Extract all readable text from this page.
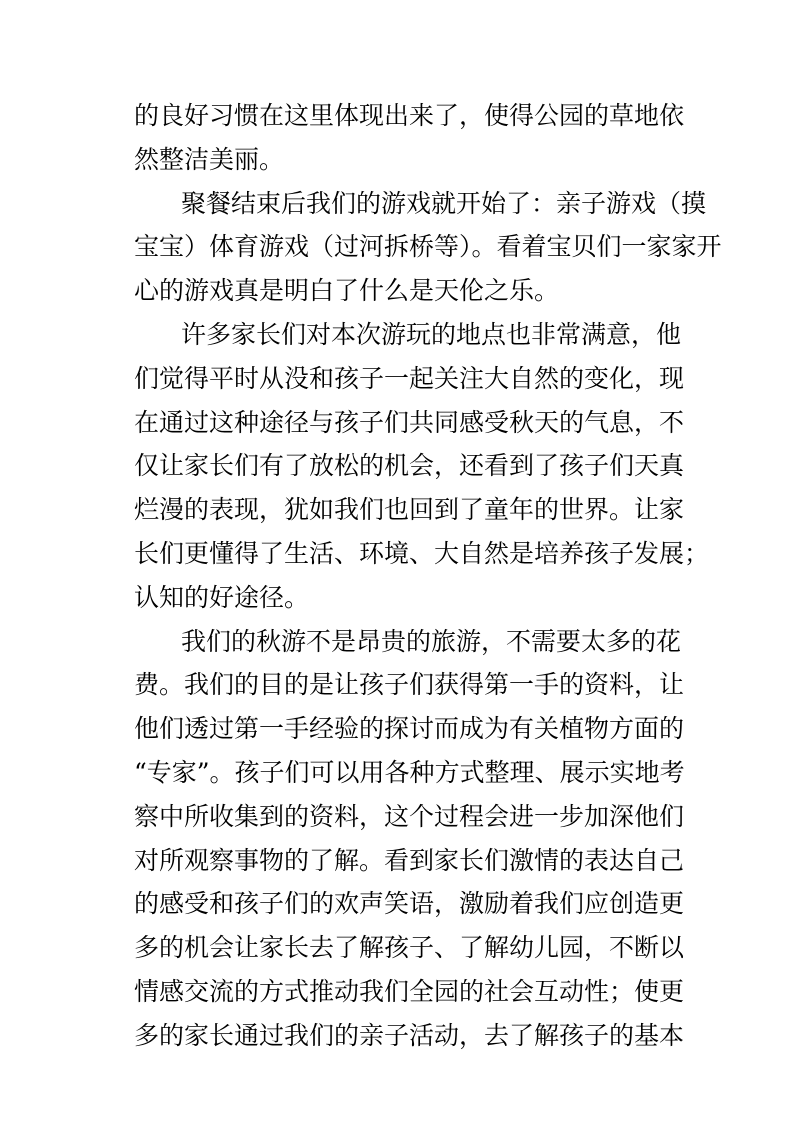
的良好习惯在这里体现出来了，使得公园的草地依
然整洁美丽。
聚餐结束后我们的游戏就开始了：亲子游戏（摸
宝宝）体育游戏（过河拆桥等）。看着宝贝们一家家开
心的游戏真是明白了什么是天伦之乐。
许多家长们对本次游玩的地点也非常满意，他
们觉得平时从没和孩子一起关注大自然的变化，现
在通过这种途径与孩子们共同感受秋天的气息，不
仅让家长们有了放松的机会，还看到了孩子们天真
烂漫的表现，犹如我们也回到了童年的世界。让家
长们更懂得了生活、环境、大自然是培养孩子发展；
认知的好途径。
我们的秋游不是昂贵的旅游，不需要太多的花
费。我们的目的是让孩子们获得第一手的资料，让
他们透过第一手经验的探讨而成为有关植物方面的
“专家”。孩子们可以用各种方式整理、展示实地考
察中所收集到的资料，这个过程会进一步加深他们
对所观察事物的了解。看到家长们激情的表达自己
的感受和孩子们的欢声笑语，激励着我们应创造更
多的机会让家长去了解孩子、了解幼儿园，不断以
情感交流的方式推动我们全园的社会互动性；使更
多的家长通过我们的亲子活动，去了解孩子的基本
